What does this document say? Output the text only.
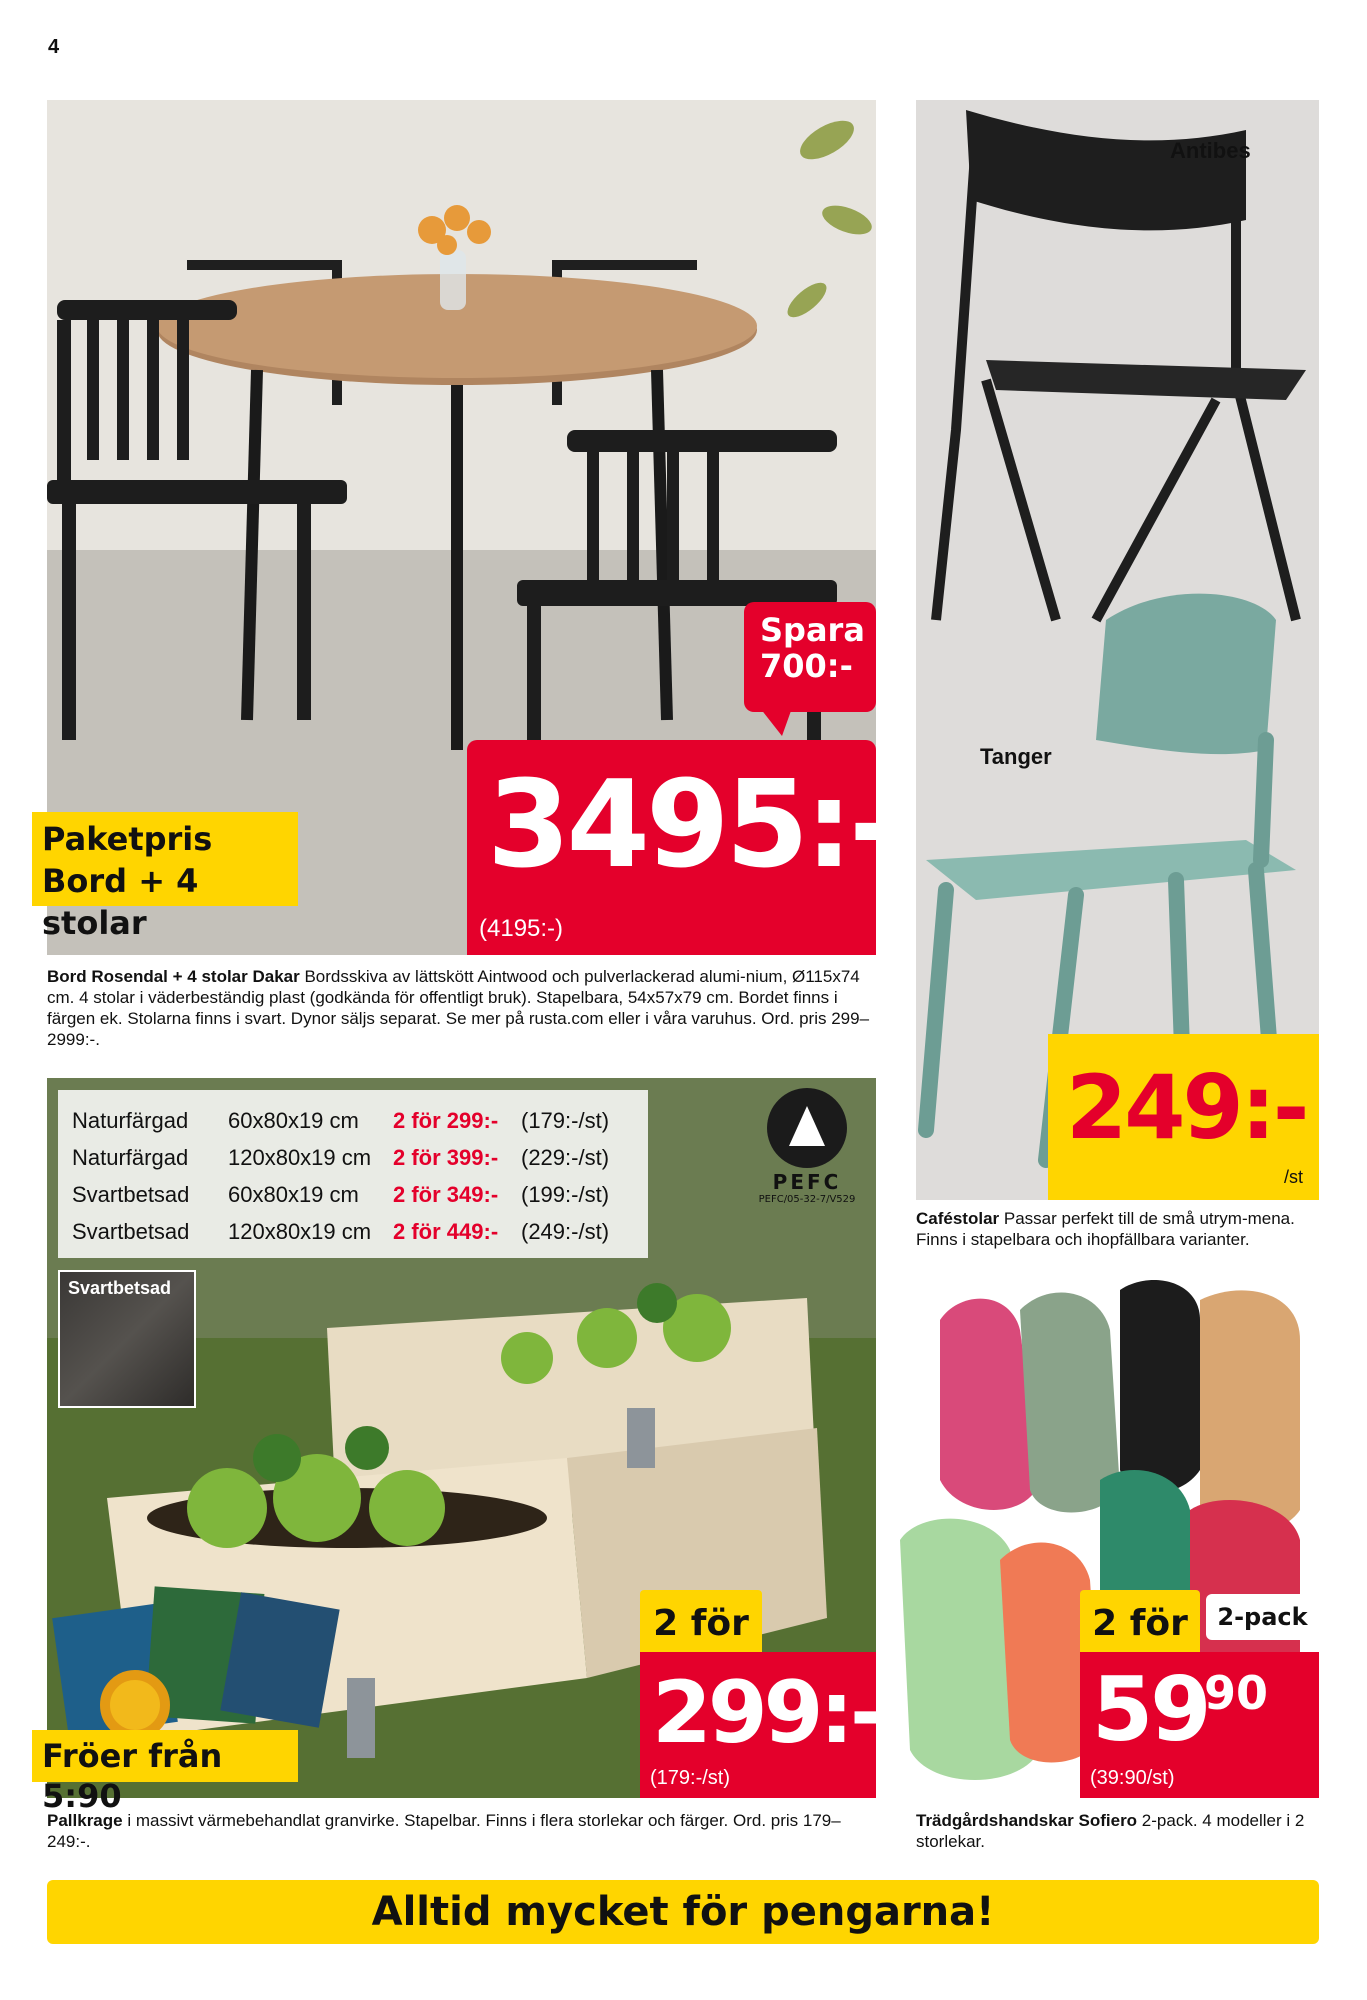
4
Spara
700:-
3495:-
(4195:-)
Paketpris
Bord + 4 stolar
Bord Rosendal + 4 stolar Dakar Bordsskiva av lättskött Aintwood och pulverlackerad alumi-nium, Ø115x74 cm. 4 stolar i väderbeständig plast (godkända för offentligt bruk). Stapelbara, 54x57x79 cm. Bordet finns i färgen ek. Stolarna finns i svart. Dynor säljs separat. Se mer på rusta.com eller i våra varuhus. Ord. pris 299–2999:-.
Antibes
Tanger
249:-
/st
Caféstolar Passar perfekt till de små utrym-mena. Finns i stapelbara och ihopfällbara varianter.
Naturfärgad	60x80x19 cm	2 för 299:-	(179:-/st)
Naturfärgad	120x80x19 cm 2 för 399:-	(229:-/st)
Svartbetsad	60x80x19 cm	2 för 349:-	(199:-/st)
Svartbetsad	120x80x19 cm 2 för 449:-	(249:-/st)
PEFC
PEFC/05-32-7/V529
Svartbetsad
Fröer från 5:90
2 för
299:-
(179:-/st)
Pallkrage i massivt värmebehandlat granvirke. Stapelbar. Finns i flera storlekar och färger. Ord. pris 179–249:-.
2 för	2-pack
59
90
(39:90/st)
Trädgårdshandskar Sofiero 2-pack. 4 modeller i 2 storlekar.
Alltid mycket för pengarna!
